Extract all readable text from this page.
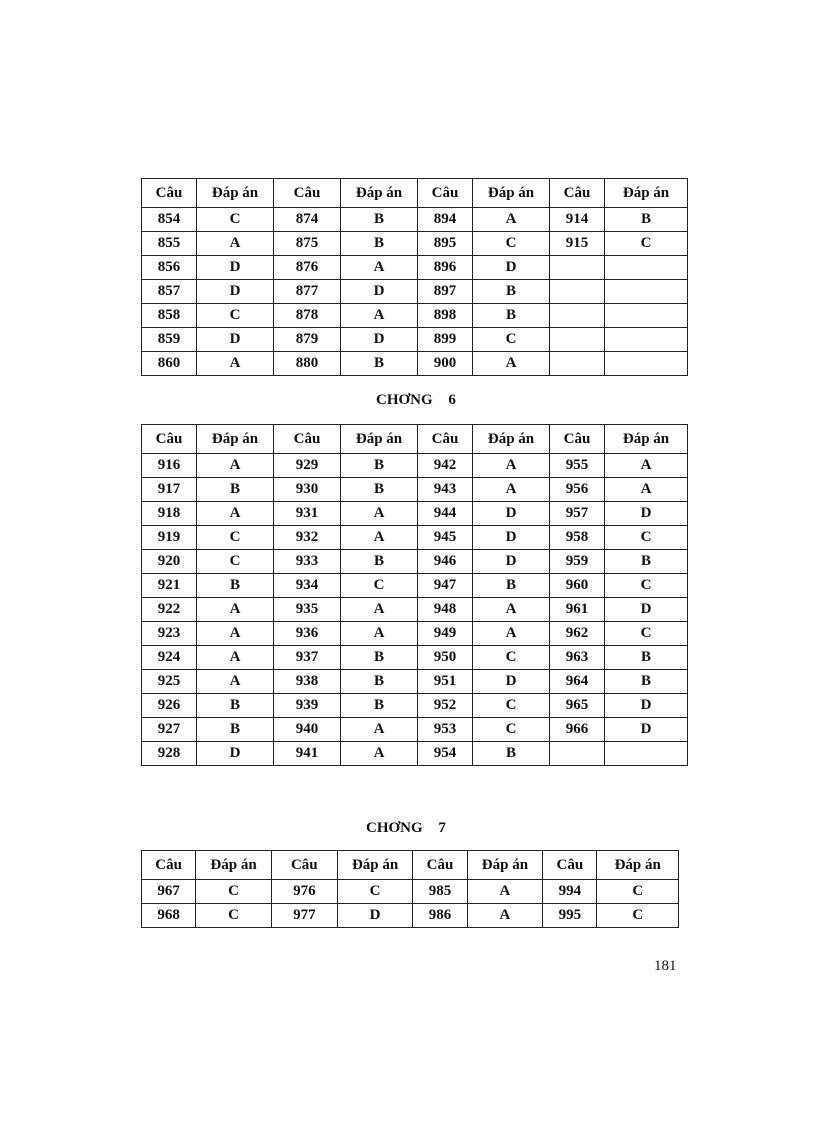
Câu	Đáp án	Câu	Đáp án	Câu	Đáp án	Câu	Đáp án
854	C	874	B	894	A	914	B
855	A	875	B	895	C	915	C
856	D	876	A	896	D		
857	D	877	D	897	B		
858	C	878	A	898	B		
859	D	879	D	899	C		
860	A	880	B	900	A		
CHƠNG 6
Câu	Đáp án	Câu	Đáp án	Câu	Đáp án	Câu	Đáp án
916	A	929	B	942	A	955	A
917	B	930	B	943	A	956	A
918	A	931	A	944	D	957	D
919	C	932	A	945	D	958	C
920	C	933	B	946	D	959	B
921	B	934	C	947	B	960	C
922	A	935	A	948	A	961	D
923	A	936	A	949	A	962	C
924	A	937	B	950	C	963	B
925	A	938	B	951	D	964	B
926	B	939	B	952	C	965	D
927	B	940	A	953	C	966	D
928	D	941	A	954	B		
CHƠNG 7
Câu	Đáp án	Câu	Đáp án	Câu	Đáp án	Câu	Đáp án
967	C	976	C	985	A	994	C
968	C	977	D	986	A	995	C
181
